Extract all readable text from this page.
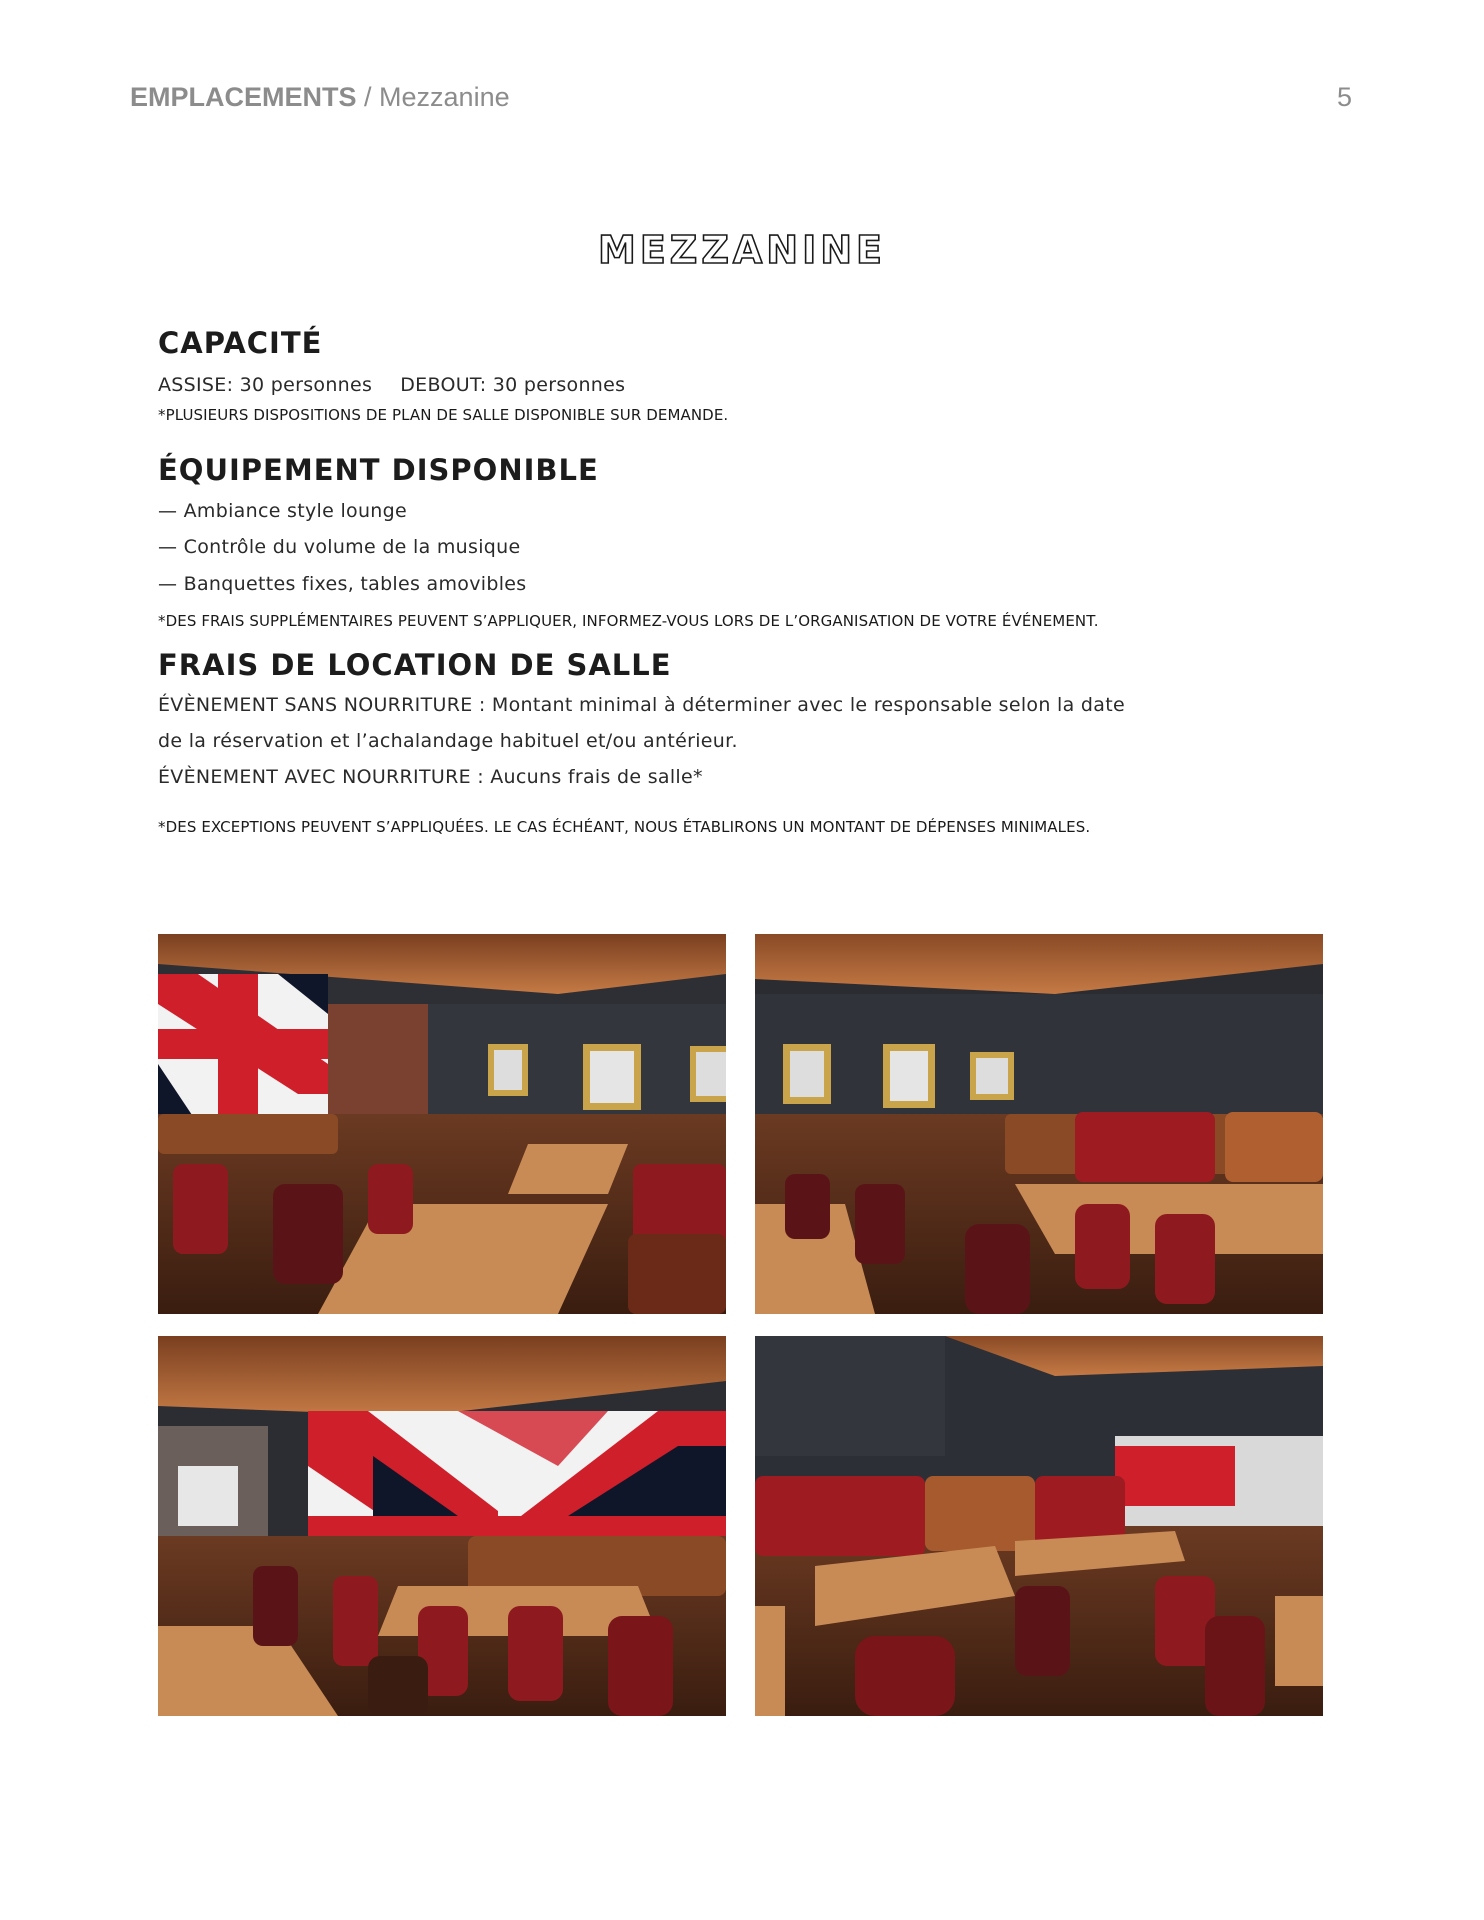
EMPLACEMENTS / Mezzanine	5
MEZZANINE
CAPACITÉ
ASSISE: 30 personnes DEBOUT: 30 personnes
*PLUSIEURS DISPOSITIONS DE PLAN DE SALLE DISPONIBLE SUR DEMANDE.
ÉQUIPEMENT DISPONIBLE
— Ambiance style lounge
— Contrôle du volume de la musique
— Banquettes fixes, tables amovibles
*DES FRAIS SUPPLÉMENTAIRES PEUVENT S’APPLIQUER, INFORMEZ-VOUS LORS DE L’ORGANISATION DE VOTRE ÉVÉNEMENT.
FRAIS DE LOCATION DE SALLE
ÉVÈNEMENT SANS NOURRITURE : Montant minimal à déterminer avec le responsable selon la date
de la réservation et l’achalandage habituel et/ou antérieur.
ÉVÈNEMENT AVEC NOURRITURE : Aucuns frais de salle*
*DES EXCEPTIONS PEUVENT S’APPLIQUÉES. LE CAS ÉCHÉANT, NOUS ÉTABLIRONS UN MONTANT DE DÉPENSES MINIMALES.
